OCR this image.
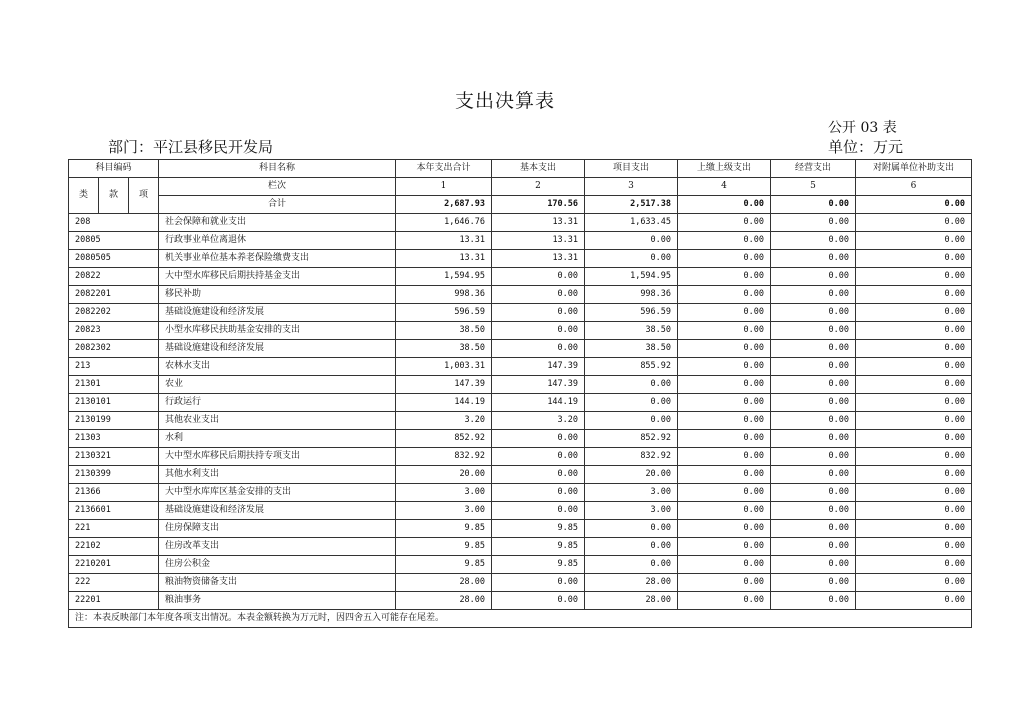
支出决算表
公开 03 表
部门：平江县移民开发局	单位：万元
科目编码			科目名称	本年支出合计	基本支出	项目支出	上缴上级支出	经营支出	对附属单位补助支出
类	款	项	栏次	1	2	3	4	5	6
			合计	2,687.93	170.56	2,517.38	0.00	0.00	0.00
208			社会保障和就业支出	1,646.76	13.31	1,633.45	0.00	0.00	0.00
20805			行政事业单位离退休	13.31	13.31	0.00	0.00	0.00	0.00
2080505			机关事业单位基本养老保险缴费支出	13.31	13.31	0.00	0.00	0.00	0.00
20822			大中型水库移民后期扶持基金支出	1,594.95	0.00	1,594.95	0.00	0.00	0.00
2082201			移民补助	998.36	0.00	998.36	0.00	0.00	0.00
2082202			基础设施建设和经济发展	596.59	0.00	596.59	0.00	0.00	0.00
20823			小型水库移民扶助基金安排的支出	38.50	0.00	38.50	0.00	0.00	0.00
2082302			基础设施建设和经济发展	38.50	0.00	38.50	0.00	0.00	0.00
213			农林水支出	1,003.31	147.39	855.92	0.00	0.00	0.00
21301			农业	147.39	147.39	0.00	0.00	0.00	0.00
2130101			行政运行	144.19	144.19	0.00	0.00	0.00	0.00
2130199			其他农业支出	3.20	3.20	0.00	0.00	0.00	0.00
21303			水利	852.92	0.00	852.92	0.00	0.00	0.00
2130321			大中型水库移民后期扶持专项支出	832.92	0.00	832.92	0.00	0.00	0.00
2130399			其他水利支出	20.00	0.00	20.00	0.00	0.00	0.00
21366			大中型水库库区基金安排的支出	3.00	0.00	3.00	0.00	0.00	0.00
2136601			基础设施建设和经济发展	3.00	0.00	3.00	0.00	0.00	0.00
221			住房保障支出	9.85	9.85	0.00	0.00	0.00	0.00
22102			住房改革支出	9.85	9.85	0.00	0.00	0.00	0.00
2210201			住房公积金	9.85	9.85	0.00	0.00	0.00	0.00
222			粮油物资储备支出	28.00	0.00	28.00	0.00	0.00	0.00
22201			粮油事务	28.00	0.00	28.00	0.00	0.00	0.00
注：本表反映部门本年度各项支出情况。本表金额转换为万元时，因四舍五入可能存在尾差。									
